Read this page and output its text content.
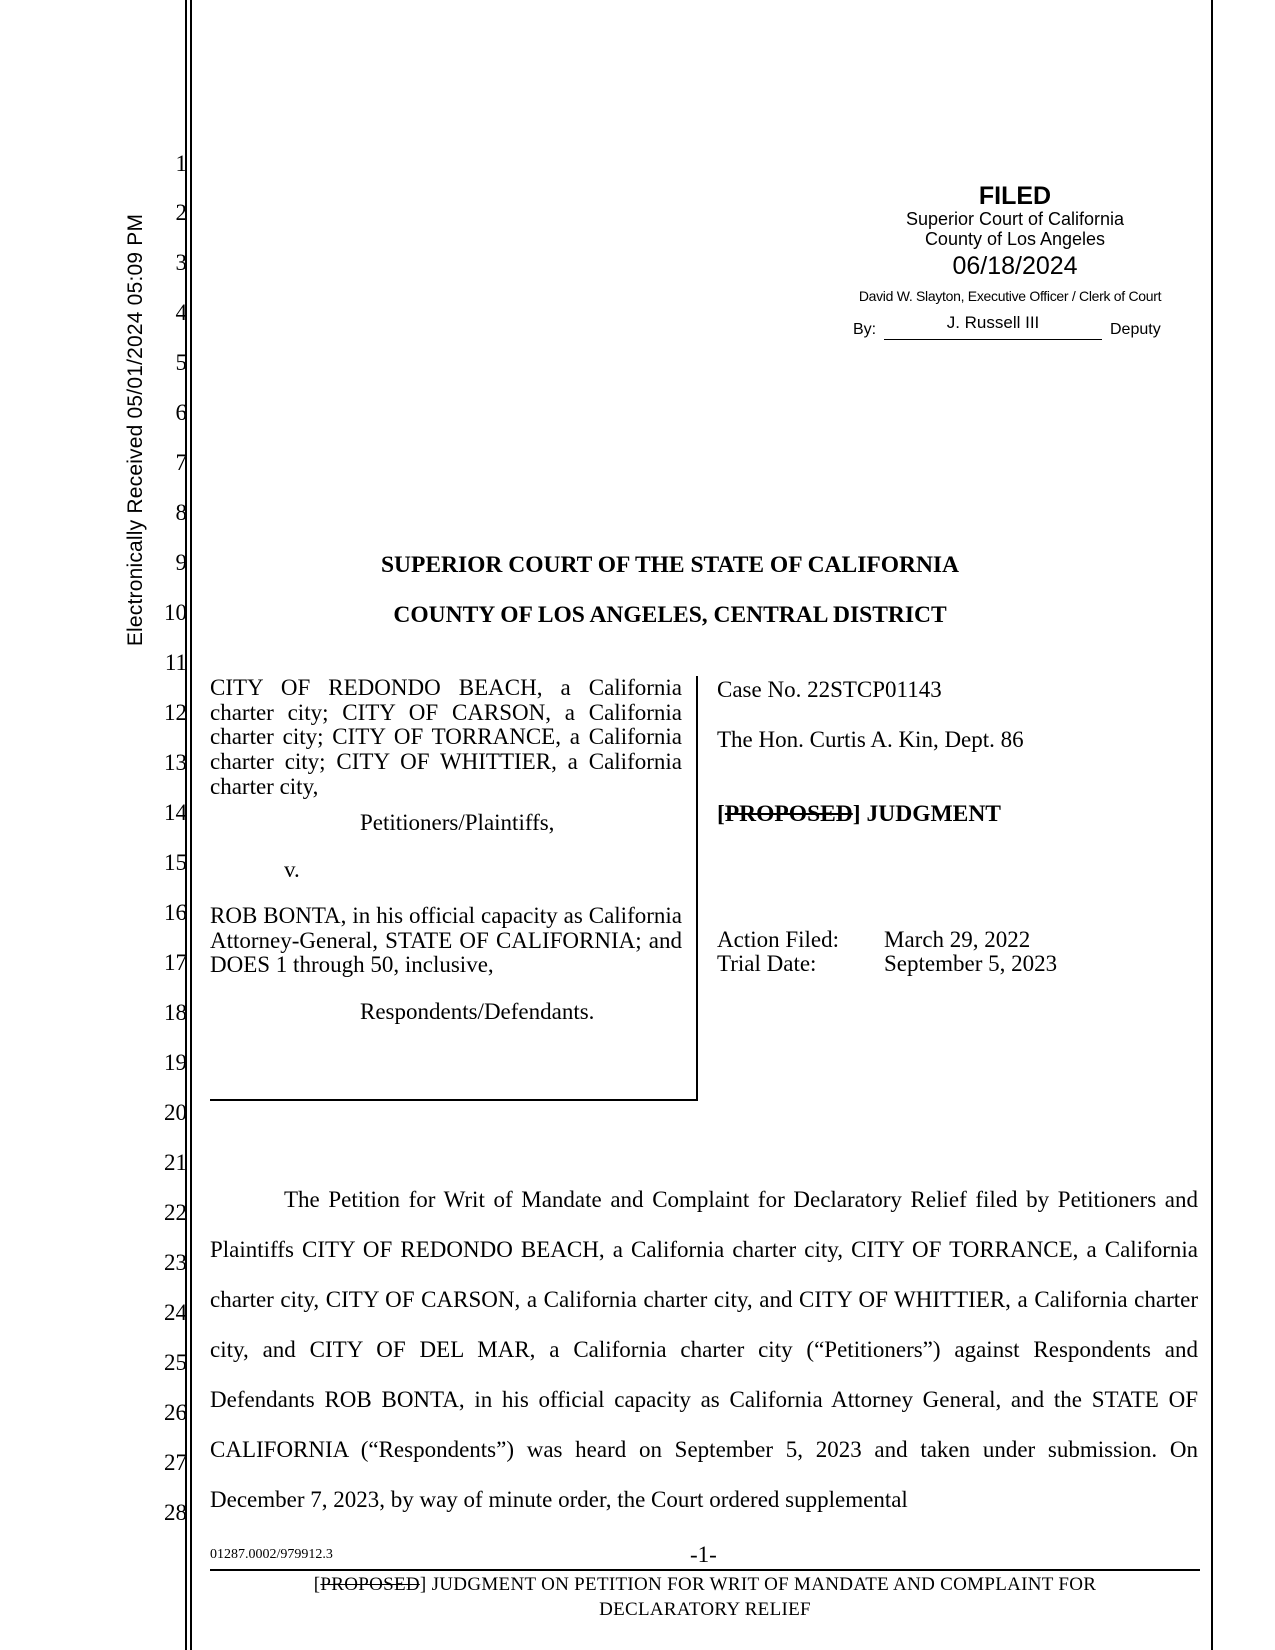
Electronically Received 05/01/2024 05:09 PM
1
2
3
4
5
6
7
8
9
10
11
12
13
14
15
16
17
18
19
20
21
22
23
24
25
26
27
28
FILED
Superior Court of California
County of Los Angeles
06/18/2024
David W. Slayton, Executive Officer / Clerk of Court
By:	J. Russell III	Deputy
SUPERIOR COURT OF THE STATE OF CALIFORNIA
COUNTY OF LOS ANGELES, CENTRAL DISTRICT
CITY OF REDONDO BEACH, a California charter city; CITY OF CARSON, a California charter city; CITY OF TORRANCE, a California charter city; CITY OF WHITTIER, a California charter city,
Petitioners/Plaintiffs,
v.
ROB BONTA, in his official capacity as California Attorney-General, STATE OF CALIFORNIA; and DOES 1 through 50, inclusive,
Respondents/Defendants.
Case No. 22STCP01143
The Hon. Curtis A. Kin, Dept. 86
[PROPOSED] JUDGMENT
Action Filed: March 29, 2022
Trial Date:	September 5, 2023

The Petition for Writ of Mandate and Complaint for Declaratory Relief filed by Petitioners and Plaintiffs CITY OF REDONDO BEACH, a California charter city, CITY OF TORRANCE, a California charter city, CITY OF CARSON, a California charter city, and CITY OF WHITTIER, a California charter city, and CITY OF DEL MAR, a California charter city (“Petitioners”) against Respondents and Defendants ROB BONTA, in his official capacity as California Attorney General, and the STATE OF CALIFORNIA (“Respondents”) was heard on September 5, 2023 and taken under submission. On December 7, 2023, by way of minute order, the Court ordered supplemental

01287.0002/979912.3	-1-
[PROPOSED] JUDGMENT ON PETITION FOR WRIT OF MANDATE AND COMPLAINT FOR
DECLARATORY RELIEF
